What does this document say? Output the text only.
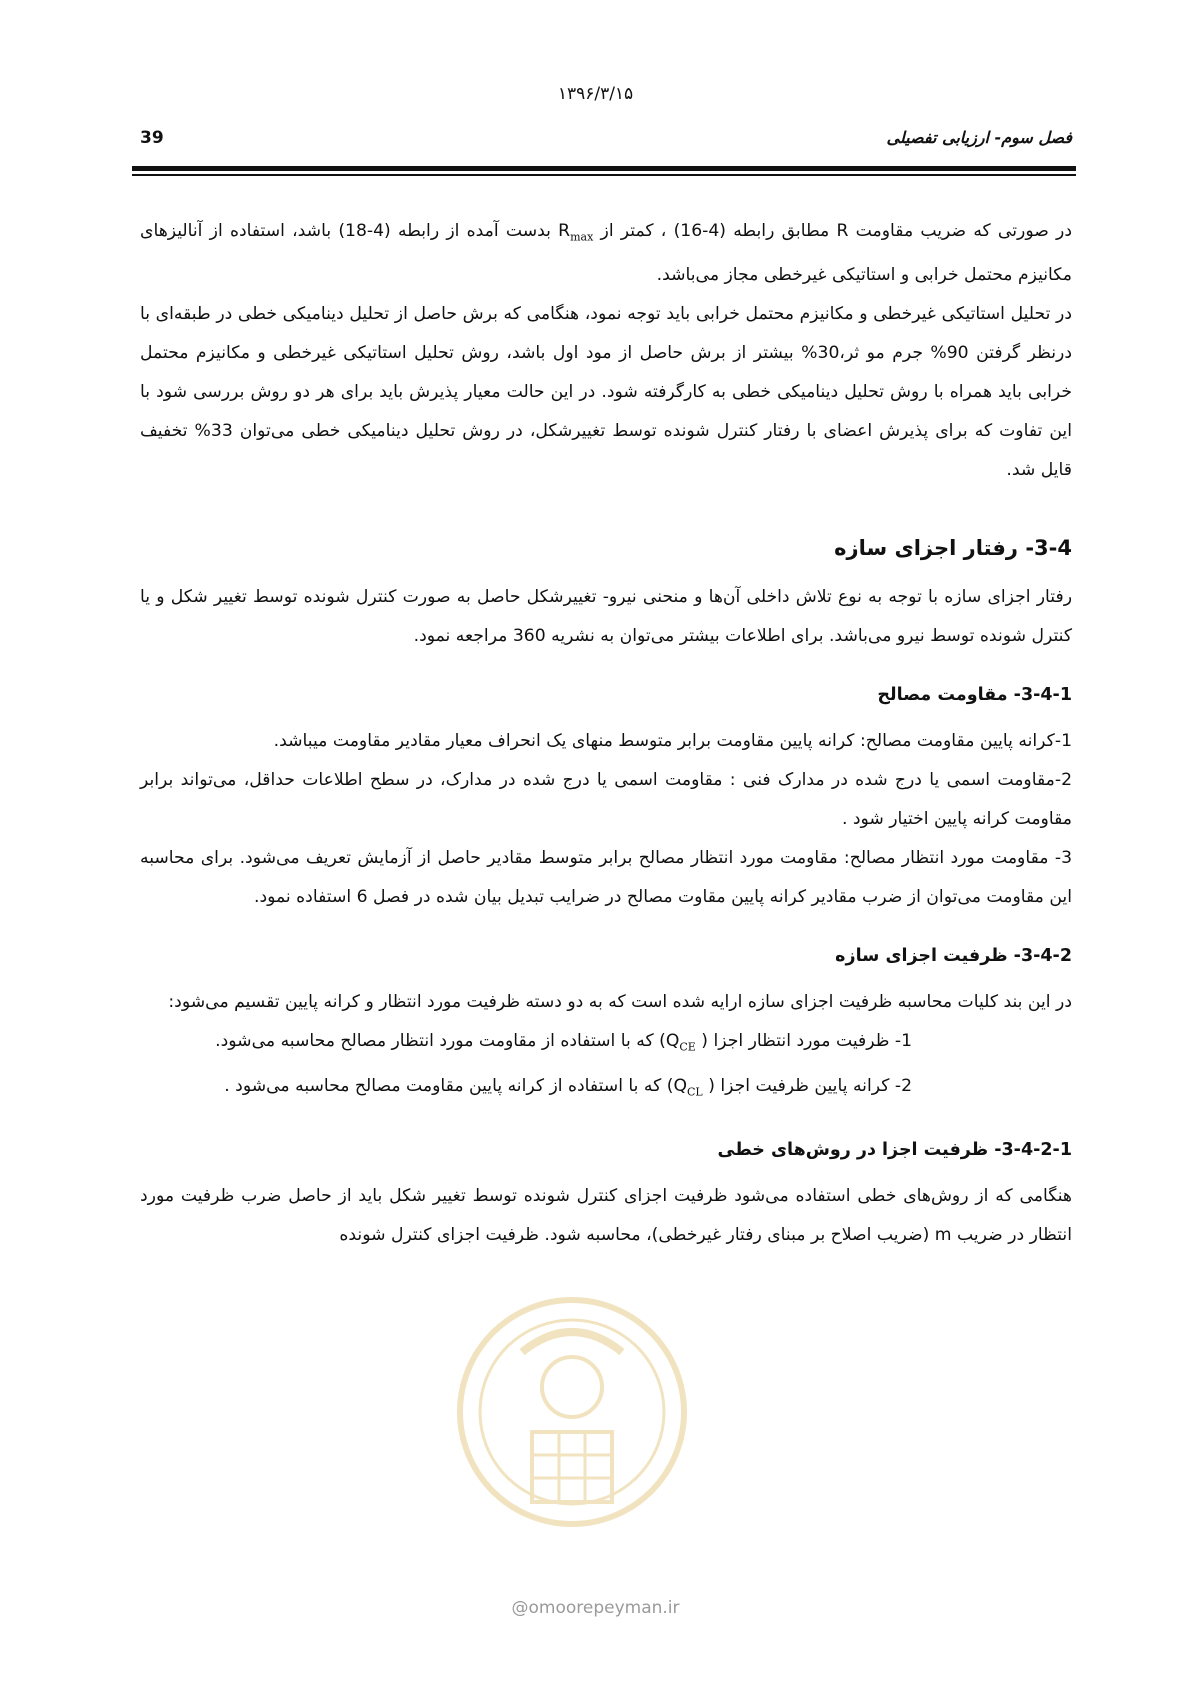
۱۳۹۶/۳/۱۵
39	فصل سوم- ارزیابی تفصیلی

در صورتی که ضریب مقاومت R مطابق رابطه (4-16) ، کمتر از $R_{max}$ بدست آمده از رابطه (4-18) باشد، استفاده از آنالیزهای مکانیزم محتمل خرابی و استاتیکی غیرخطی مجاز می‌باشد.

در تحلیل استاتیکی غیرخطی و مکانیزم محتمل خرابی باید توجه نمود، هنگامی که برش حاصل از تحلیل دینامیکی خطی در طبقه‌ای با درنظر گرفتن 90% جرم مو ثر،30% بیشتر از برش حاصل از مود اول باشد، روش تحلیل استاتیکی غیرخطی و مکانیزم محتمل خرابی باید همراه با روش تحلیل دینامیکی خطی به کارگرفته شود. در این حالت معیار پذیرش باید برای هر دو روش بررسی شود با این تفاوت که برای پذیرش اعضای با رفتار کنترل شونده توسط تغییرشکل، در روش تحلیل دینامیکی خطی می‌توان 33% تخفیف قایل شد.

3-4- رفتار اجزای سازه

رفتار اجزای سازه با توجه به نوع تلاش داخلی آن‌ها و منحنی نیرو- تغییرشکل حاصل به صورت کنترل شونده توسط تغییر شکل و یا کنترل شونده توسط نیرو می‌باشد. برای اطلاعات بیشتر می‌توان به نشریه 360 مراجعه نمود.

3-4-1- مقاومت مصالح

1-کرانه پایین مقاومت مصالح: کرانه پایین مقاومت برابر متوسط منهای یک انحراف معیار مقادیر مقاومت میباشد.

2-مقاومت اسمی یا درج شده در مدارک فنی : مقاومت اسمی یا درج شده در مدارک، در سطح اطلاعات حداقل، می‌تواند برابر مقاومت کرانه پایین اختیار شود .

3- مقاومت مورد انتظار مصالح: مقاومت مورد انتظار مصالح برابر متوسط مقادیر حاصل از آزمایش تعریف می‌شود. برای محاسبه این مقاومت می‌توان از ضرب مقادیر کرانه پایین مقاوت مصالح در ضرایب تبدیل بیان شده در فصل 6 استفاده نمود.

3-4-2- ظرفیت اجزای سازه

در این بند کلیات محاسبه ظرفیت اجزای سازه ارایه شده است که به دو دسته ظرفیت مورد انتظار و کرانه پایین تقسیم می‌شود:

1- ظرفیت مورد انتظار اجزا ( $Q_{CE}$) که با استفاده از مقاومت مورد انتظار مصالح محاسبه می‌شود.

2- کرانه پایین ظرفیت اجزا ( $Q_{CL}$) که با استفاده از کرانه پایین مقاومت مصالح محاسبه می‌شود .

3-4-2-1- ظرفیت اجزا در روش‌های خطی

هنگامی که از روش‌های خطی استفاده می‌شود ظرفیت اجزای کنترل شونده توسط تغییر شکل باید از حاصل ضرب ظرفیت مورد انتظار در ضریب m (ضریب اصلاح بر مبنای رفتار غیرخطی)، محاسبه شود. ظرفیت اجزای کنترل شونده

@omoorepeyman.ir
